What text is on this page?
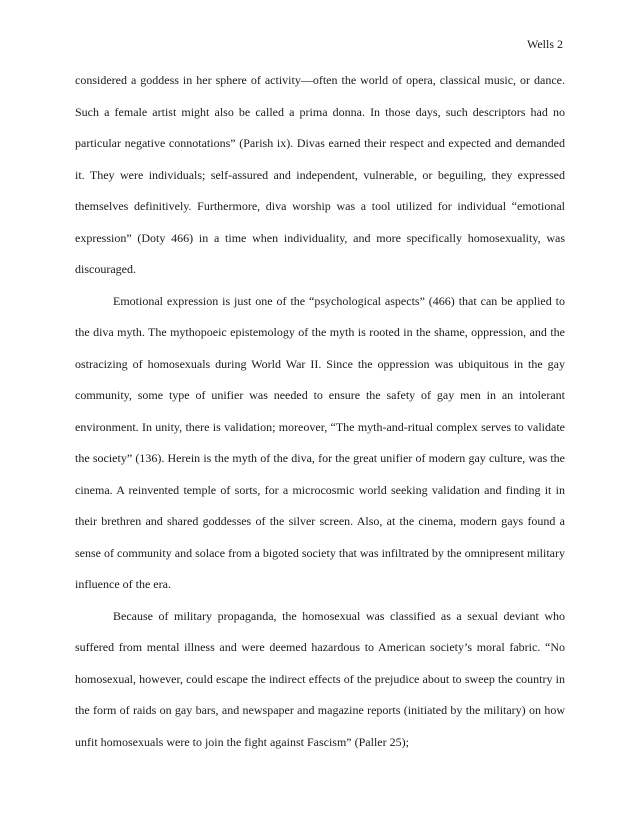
Wells 2

considered a goddess in her sphere of activity—often the world of opera, classical music, or dance. Such a female artist might also be called a prima donna. In those days, such descriptors had no particular negative connotations” (Parish ix). Divas earned their respect and expected and demanded it. They were individuals; self-assured and independent, vulnerable, or beguiling, they expressed themselves definitively. Furthermore, diva worship was a tool utilized for individual “emotional expression” (Doty 466) in a time when individuality, and more specifically homosexuality, was discouraged.

Emotional expression is just one of the “psychological aspects” (466) that can be applied to the diva myth. The mythopoeic epistemology of the myth is rooted in the shame, oppression, and the ostracizing of homosexuals during World War II. Since the oppression was ubiquitous in the gay community, some type of unifier was needed to ensure the safety of gay men in an intolerant environment. In unity, there is validation; moreover, “The myth-and-ritual complex serves to validate the society” (136). Herein is the myth of the diva, for the great unifier of modern gay culture, was the cinema. A reinvented temple of sorts, for a microcosmic world seeking validation and finding it in their brethren and shared goddesses of the silver screen. Also, at the cinema, modern gays found a sense of community and solace from a bigoted society that was infiltrated by the omnipresent military influence of the era.

Because of military propaganda, the homosexual was classified as a sexual deviant who suffered from mental illness and were deemed hazardous to American society’s moral fabric. “No homosexual, however, could escape the indirect effects of the prejudice about to sweep the country in the form of raids on gay bars, and newspaper and magazine reports (initiated by the military) on how unfit homosexuals were to join the fight against Fascism” (Paller 25);
